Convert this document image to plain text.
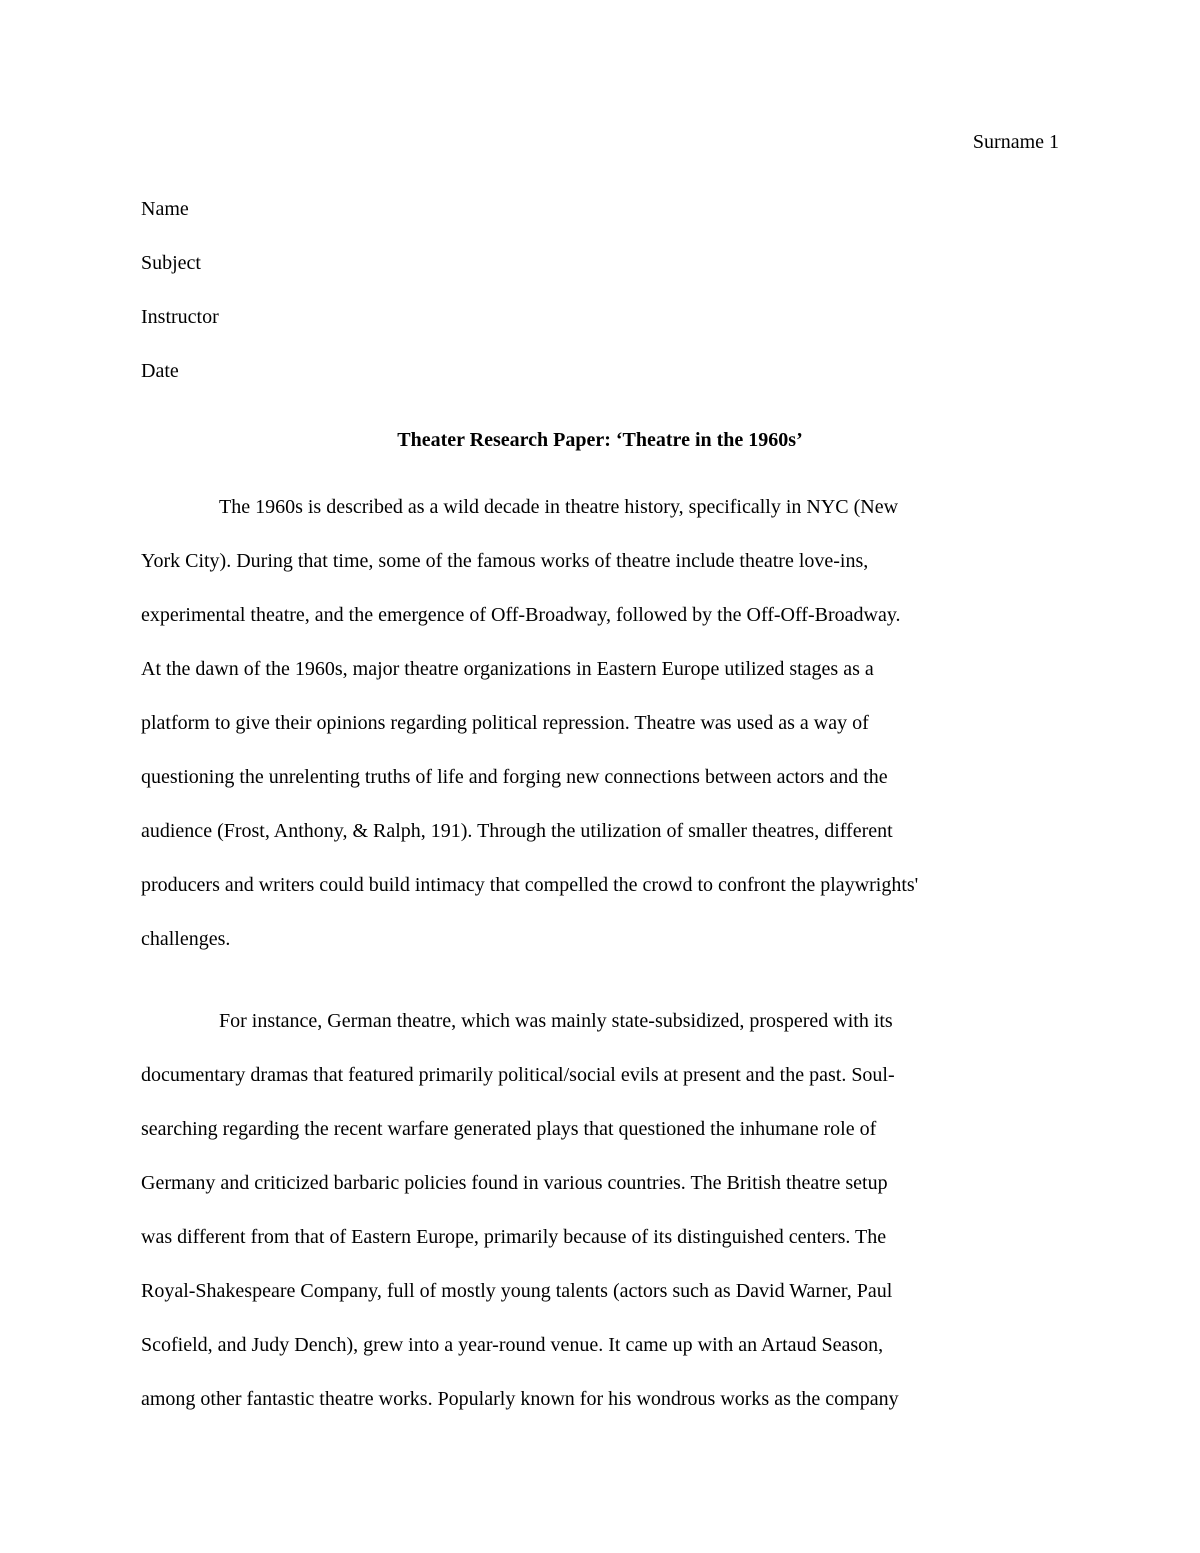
Surname 1
Name
Subject
Instructor
Date
Theater Research Paper: ‘Theatre in the 1960s’
The 1960s is described as a wild decade in theatre history, specifically in NYC (New
York City). During that time, some of the famous works of theatre include theatre love-ins,
experimental theatre, and the emergence of Off-Broadway, followed by the Off-Off-Broadway.
At the dawn of the 1960s, major theatre organizations in Eastern Europe utilized stages as a
platform to give their opinions regarding political repression. Theatre was used as a way of
questioning the unrelenting truths of life and forging new connections between actors and the
audience (Frost, Anthony, & Ralph, 191). Through the utilization of smaller theatres, different
producers and writers could build intimacy that compelled the crowd to confront the playwrights'
challenges.
For instance, German theatre, which was mainly state-subsidized, prospered with its
documentary dramas that featured primarily political/social evils at present and the past. Soul-
searching regarding the recent warfare generated plays that questioned the inhumane role of
Germany and criticized barbaric policies found in various countries. The British theatre setup
was different from that of Eastern Europe, primarily because of its distinguished centers. The
Royal-Shakespeare Company, full of mostly young talents (actors such as David Warner, Paul
Scofield, and Judy Dench), grew into a year-round venue. It came up with an Artaud Season,
among other fantastic theatre works. Popularly known for his wondrous works as the company
